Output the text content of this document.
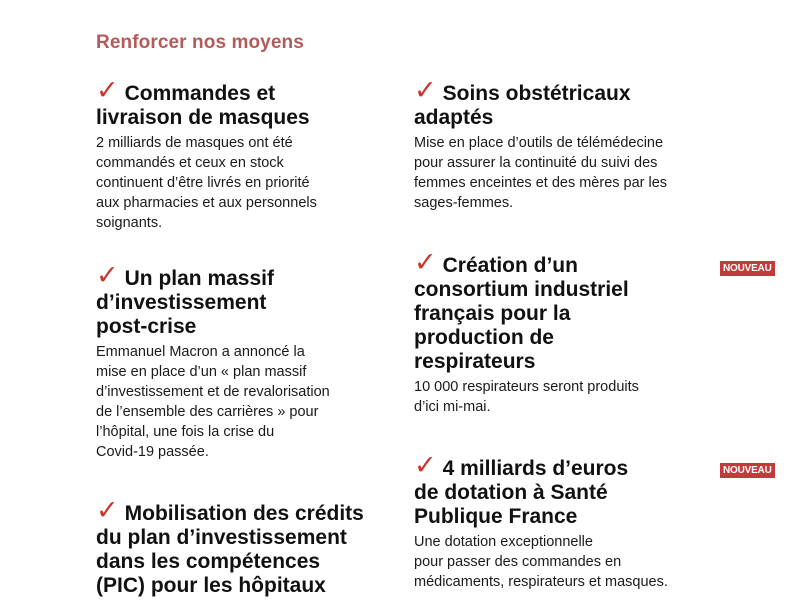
Renforcer nos moyens
✓ Commandes et
livraison de masques
2 milliards de masques ont été
commandés et ceux en stock
continuent d’être livrés en priorité
aux pharmacies et aux personnels
soignants.
✓ Un plan massif
d’investissement
post-crise
Emmanuel Macron a annoncé la
mise en place d’un « plan massif
d’investissement et de revalorisation
de l’ensemble des carrières » pour
l’hôpital, une fois la crise du
Covid-19 passée.
✓ Mobilisation des crédits
du plan d’investissement
dans les compétences
(PIC) pour les hôpitaux
✓ Soins obstétricaux
adaptés
Mise en place d’outils de télémédecine
pour assurer la continuité du suivi des
femmes enceintes et des mères par les
sages-femmes.
✓ Création d’un
consortium industriel
français pour la
production de
respirateurs
10 000 respirateurs seront produits
d’ici mi-mai.
✓ 4 milliards d’euros
de dotation à Santé
Publique France
Une dotation exceptionnelle
pour passer des commandes en
médicaments, respirateurs et masques.
NOUVEAU
NOUVEAU
